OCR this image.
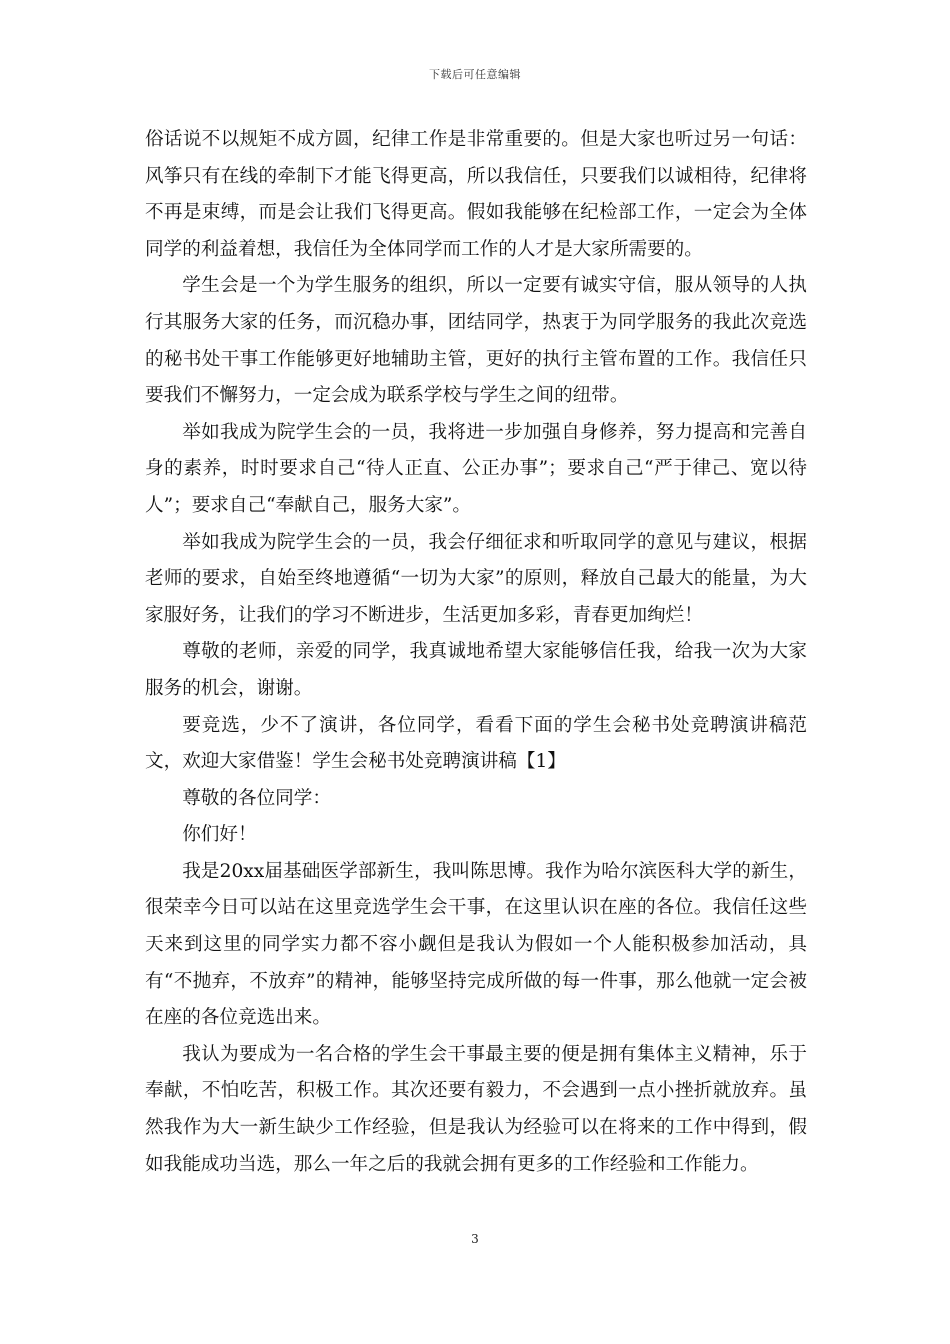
下载后可任意编辑

俗话说不以规矩不成方圆，纪律工作是非常重要的。但是大家也听过另一句话：风筝只有在线的牵制下才能飞得更高，所以我信任，只要我们以诚相待，纪律将不再是束缚，而是会让我们飞得更高。假如我能够在纪检部工作，一定会为全体同学的利益着想，我信任为全体同学而工作的人才是大家所需要的。

学生会是一个为学生服务的组织，所以一定要有诚实守信，服从领导的人执行其服务大家的任务，而沉稳办事，团结同学，热衷于为同学服务的我此次竞选的秘书处干事工作能够更好地辅助主管，更好的执行主管布置的工作。我信任只要我们不懈努力，一定会成为联系学校与学生之间的纽带。

举如我成为院学生会的一员，我将进一步加强自身修养，努力提高和完善自身的素养，时时要求自己“待人正直、公正办事”；要求自己“严于律己、宽以待人”；要求自己“奉献自己，服务大家”。

举如我成为院学生会的一员，我会仔细征求和听取同学的意见与建议，根据老师的要求，自始至终地遵循“一切为大家”的原则，释放自己最大的能量，为大家服好务，让我们的学习不断进步，生活更加多彩，青春更加绚烂！

尊敬的老师，亲爱的同学，我真诚地希望大家能够信任我，给我一次为大家服务的机会，谢谢。

要竞选，少不了演讲，各位同学，看看下面的学生会秘书处竞聘演讲稿范文，欢迎大家借鉴！学生会秘书处竞聘演讲稿【1】

尊敬的各位同学：

你们好！

我是20xx届基础医学部新生，我叫陈思博。我作为哈尔滨医科大学的新生，很荣幸今日可以站在这里竞选学生会干事，在这里认识在座的各位。我信任这些天来到这里的同学实力都不容小觑但是我认为假如一个人能积极参加活动，具有“不抛弃，不放弃”的精神，能够坚持完成所做的每一件事，那么他就一定会被在座的各位竞选出来。

我认为要成为一名合格的学生会干事最主要的便是拥有集体主义精神，乐于奉献，不怕吃苦，积极工作。其次还要有毅力，不会遇到一点小挫折就放弃。虽然我作为大一新生缺少工作经验，但是我认为经验可以在将来的工作中得到，假如我能成功当选，那么一年之后的我就会拥有更多的工作经验和工作能力。

3
